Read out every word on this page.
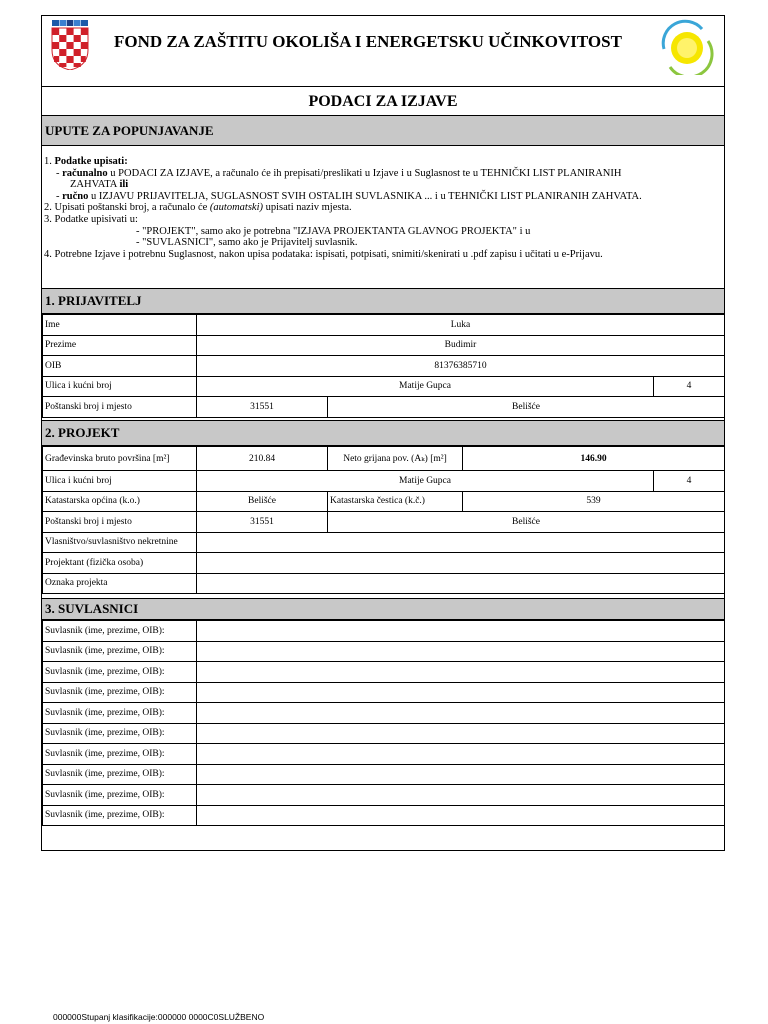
FOND ZA ZAŠTITU OKOLIŠA I ENERGETSKU UČINKOVITOST
PODACI ZA IZJAVE
UPUTE ZA POPUNJAVANJE

1. Podatke upisati:

- računalno u PODACI ZA IZJAVE, a računalo će ih prepisati/preslikati u Izjave i u Suglasnost te u TEHNIČKI LIST PLANIRANIH

ZAHVATA ili

- ručno u IZJAVU PRIJAVITELJA, SUGLASNOST SVIH OSTALIH SUVLASNIKA ... i u TEHNIČKI LIST PLANIRANIH ZAHVATA.

2. Upisati poštanski broj, a računalo će (automatski) upisati naziv mjesta.

3. Podatke upisivati u:

- "PROJEKT", samo ako je potrebna "IZJAVA PROJEKTANTA GLAVNOG PROJEKTA" i u

- "SUVLASNICI", samo ako je Prijavitelj suvlasnik.

4. Potrebne Izjave i potrebnu Suglasnost, nakon upisa podataka: ispisati, potpisati, snimiti/skenirati u .pdf zapisu i učitati u e-Prijavu.

1. PRIJAVITELJ
Ime	Luka		
Prezime	Budimir		
OIB	81376385710		
Ulica i kućni broj	Matije Gupca		4
Poštanski broj i mjesto	31551	Belišće	
2. PROJEKT
Građevinska bruto površina [m²]	210.84	Neto grijana pov. (Aₖ) [m²]	146.90	
Ulica i kućni broj	Matije Gupca			4
Katastarska općina (k.o.)	Belišće	Katastarska čestica (k.č.)	539	
Poštanski broj i mjesto	31551	Belišće		
Vlasništvo/suvlasništvo nekretnine				
Projektant (fizička osoba)				
Oznaka projekta				
3. SUVLASNICI
Suvlasnik (ime, prezime, OIB):	
Suvlasnik (ime, prezime, OIB):	
Suvlasnik (ime, prezime, OIB):	
Suvlasnik (ime, prezime, OIB):	
Suvlasnik (ime, prezime, OIB):	
Suvlasnik (ime, prezime, OIB):	
Suvlasnik (ime, prezime, OIB):	
Suvlasnik (ime, prezime, OIB):	
Suvlasnik (ime, prezime, OIB):	
Suvlasnik (ime, prezime, OIB):	
000000Stupanj klasifikacije:000000 0000C0SLUŽBENO
